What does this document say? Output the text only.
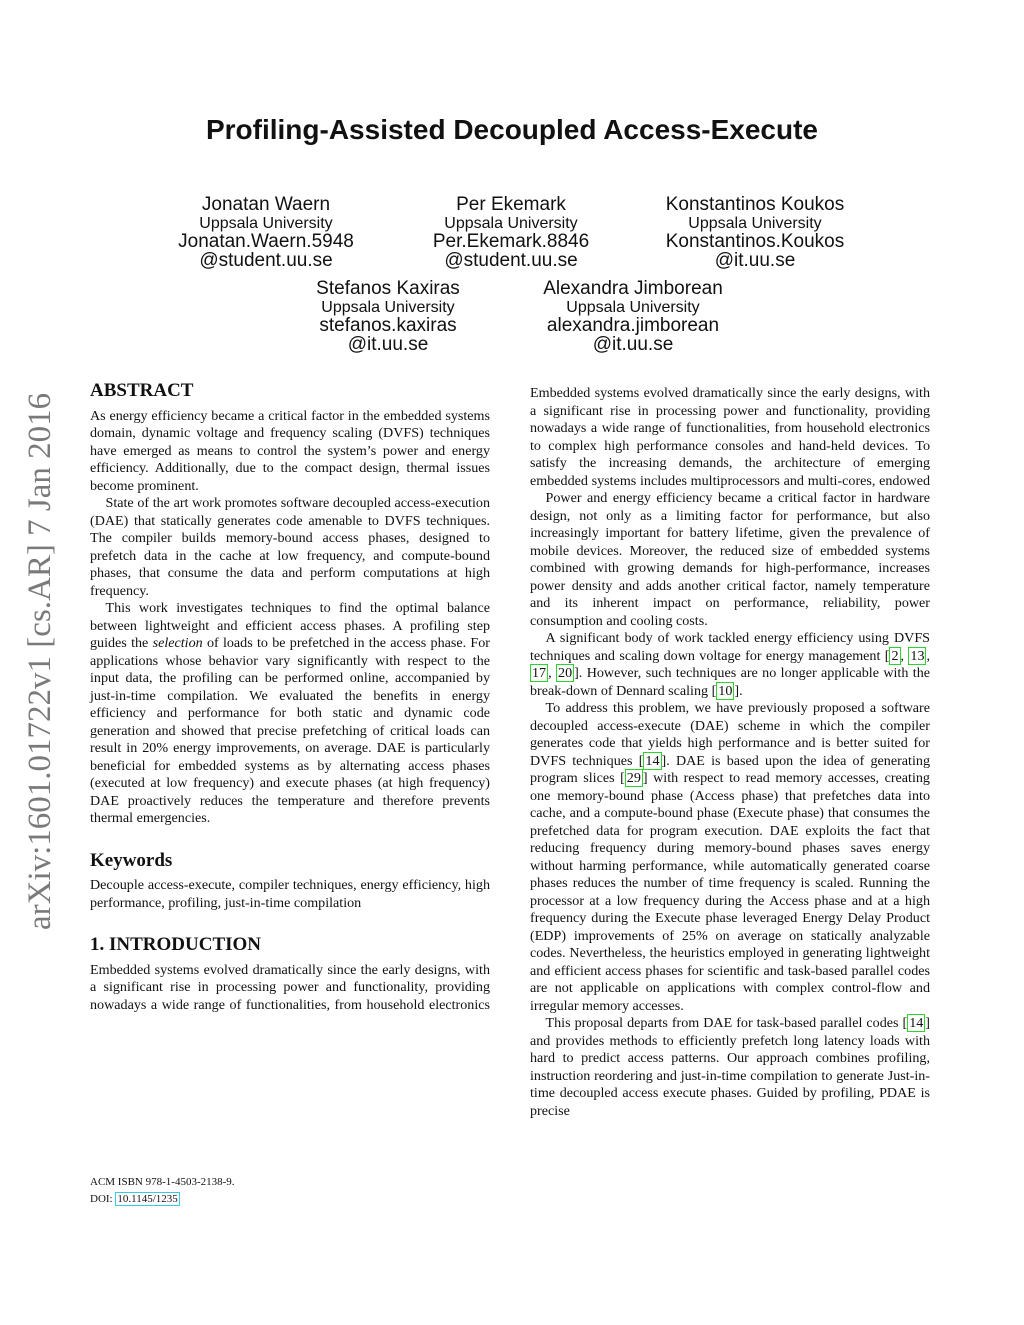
Profiling-Assisted Decoupled Access-Execute
Jonatan Waern
Uppsala University
Jonatan.Waern.5948
@student.uu.se
Per Ekemark
Uppsala University
Per.Ekemark.8846
@student.uu.se
Konstantinos Koukos
Uppsala University
Konstantinos.Koukos
@it.uu.se
Stefanos Kaxiras
Uppsala University
stefanos.kaxiras
@it.uu.se
Alexandra Jimborean
Uppsala University
alexandra.jimborean
@it.uu.se
arXiv:1601.01722v1 [cs.AR] 7 Jan 2016
ABSTRACT

As energy efficiency became a critical factor in the embedded systems domain, dynamic voltage and frequency scaling (DVFS) techniques have emerged as means to control the system’s power and energy efficiency. Additionally, due to the compact design, thermal issues become prominent.

State of the art work promotes software decoupled access-execution (DAE) that statically generates code amenable to DVFS techniques. The compiler builds memory-bound access phases, designed to prefetch data in the cache at low frequency, and compute-bound phases, that consume the data and perform computations at high frequency.

This work investigates techniques to find the optimal balance between lightweight and efficient access phases. A profiling step guides the selection of loads to be prefetched in the access phase. For applications whose behavior vary significantly with respect to the input data, the profiling can be performed online, accompanied by just-in-time compilation. We evaluated the benefits in energy efficiency and performance for both static and dynamic code generation and showed that precise prefetching of critical loads can result in 20% energy improvements, on average. DAE is particularly beneficial for embedded systems as by alternating access phases (executed at low frequency) and execute phases (at high frequency) DAE proactively reduces the temperature and therefore prevents thermal emergencies.

Keywords

Decouple access-execute, compiler techniques, energy efficiency, high performance, profiling, just-in-time compilation

1. INTRODUCTION

Embedded systems evolved dramatically since the early designs, with a significant rise in processing power and functionality, providing nowadays a wide range of functionalities, from household electronics

Embedded systems evolved dramatically since the early designs, with a significant rise in processing power and functionality, providing nowadays a wide range of functionalities, from household electronics to complex high performance consoles and hand-held devices. To satisfy the increasing demands, the architecture of emerging embedded systems includes multiprocessors and multi-cores, endowed

Power and energy efficiency became a critical factor in hardware design, not only as a limiting factor for performance, but also increasingly important for battery lifetime, given the prevalence of mobile devices. Moreover, the reduced size of embedded systems combined with growing demands for high-performance, increases power density and adds another critical factor, namely temperature and its inherent impact on performance, reliability, power consumption and cooling costs.

A significant body of work tackled energy efficiency using DVFS techniques and scaling down voltage for energy management [ 2 , 13 , 17 , 20 ]. However, such techniques are no longer applicable with the break-down of Dennard scaling [ 10 ].

To address this problem, we have previously proposed a software decoupled access-execute (DAE) scheme in which the compiler generates code that yields high performance and is better suited for DVFS techniques [ 14 ]. DAE is based upon the idea of generating program slices [ 29 ] with respect to read memory accesses, creating one memory-bound phase (Access phase) that prefetches data into cache, and a compute-bound phase (Execute phase) that consumes the prefetched data for program execution. DAE exploits the fact that reducing frequency during memory-bound phases saves energy without harming performance, while automatically generated coarse phases reduces the number of time frequency is scaled. Running the processor at a low frequency during the Access phase and at a high frequency during the Execute phase leveraged Energy Delay Product (EDP) improvements of 25% on average on statically analyzable codes. Nevertheless, the heuristics employed in generating lightweight and efficient access phases for scientific and task-based parallel codes are not applicable on applications with complex control-flow and irregular memory accesses.

This proposal departs from DAE for task-based parallel codes [ 14 ] and provides methods to efficiently prefetch long latency loads with hard to predict access patterns. Our approach combines profiling, instruction reordering and just-in-time compilation to generate Just-in-time decoupled access execute phases. Guided by profiling, PDAE is precise

ACM ISBN 978-1-4503-2138-9.
DOI: 10.1145/1235
